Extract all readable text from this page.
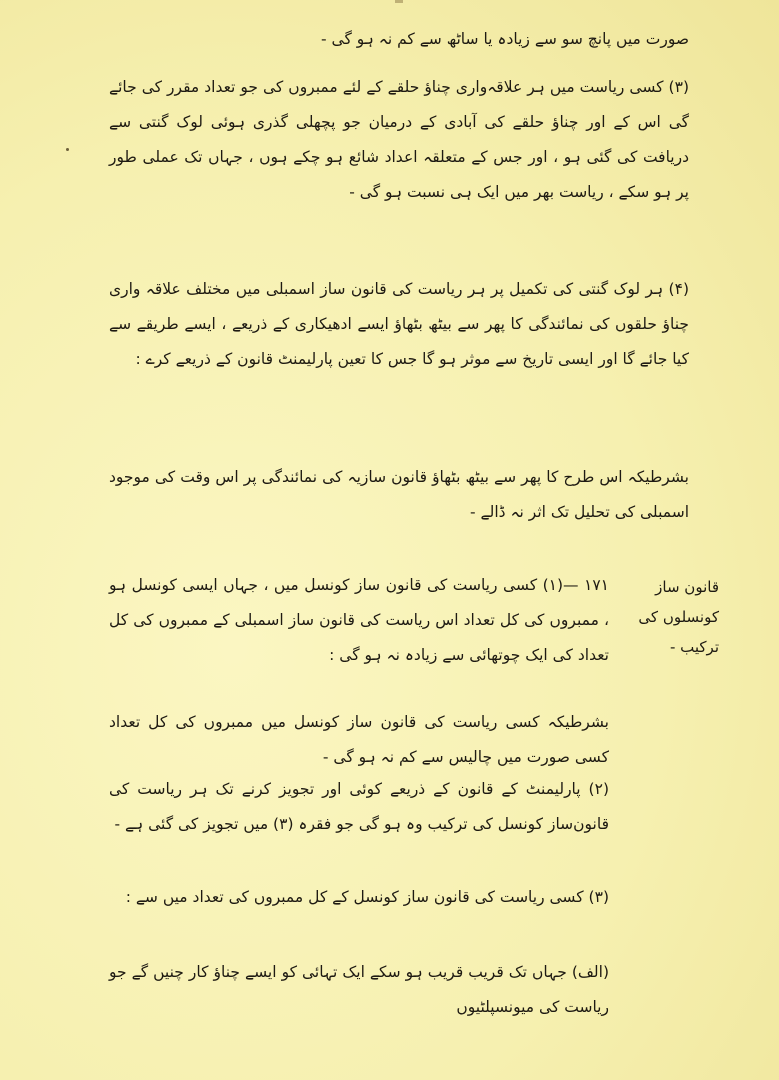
صورت میں پانچ سو سے زیادہ یا ساٹھ سے کم نہ ہو گی -

(۳) کسی ریاست میں ہر علاقہ‌واری چناؤ حلقے کے لئے ممبروں کی جو تعداد مقرر کی جائے گی اس کے اور چناؤ حلقے کی آبادی کے درمیان جو پچھلی گذری ہوئی لوک گنتی سے دریافت کی گئی ہو ، اور جس کے متعلقہ اعداد شائع ہو چکے ہوں ، جہاں تک عملی طور پر ہو سکے ، ریاست بھر میں ایک ہی نسبت ہو گی -

(۴) ہر لوک گنتی کی تکمیل پر ہر ریاست کی قانون ساز اسمبلی میں مختلف علاقہ واری چناؤ حلقوں کی نمائندگی کا پھر سے بیٹھ بٹھاؤ ایسے ادھیکاری کے ذریعے ، ایسے طریقے سے کیا جائے گا اور ایسی تاریخ سے موثر ہو گا جس کا تعین پارلیمنٹ قانون کے ذریعے کرے :

بشرطیکہ اس طرح کا پھر سے بیٹھ بٹھاؤ قانون سازیہ کی نمائندگی پر اس وقت کی موجود اسمبلی کی تحلیل تک اثر نہ ڈالے -

قانون ساز کونسلوں کی ترکیب -

۱۷۱ —(۱) کسی ریاست کی قانون ساز کونسل میں ، جہاں ایسی کونسل ہو ، ممبروں کی کل تعداد اس ریاست کی قانون ساز اسمبلی کے ممبروں کی کل تعداد کی ایک چوتھائی سے زیادہ نہ ہو گی :

بشرطیکہ کسی ریاست کی قانون ساز کونسل میں ممبروں کی کل تعداد کسی صورت میں چالیس سے کم نہ ہو گی -

(۲) پارلیمنٹ کے قانون کے ذریعے کوئی اور تجویز کرنے تک ہر ریاست کی قانون‌ساز کونسل کی ترکیب وہ ہو گی جو فقرہ (۳) میں تجویز کی گئی ہے -

(۳) کسی ریاست کی قانون ساز کونسل کے کل ممبروں کی تعداد میں سے :

(الف) جہاں تک قریب قریب ہو سکے ایک تہائی کو ایسے چناؤ کار چنیں گے جو ریاست کی میونسپلٹیوں
